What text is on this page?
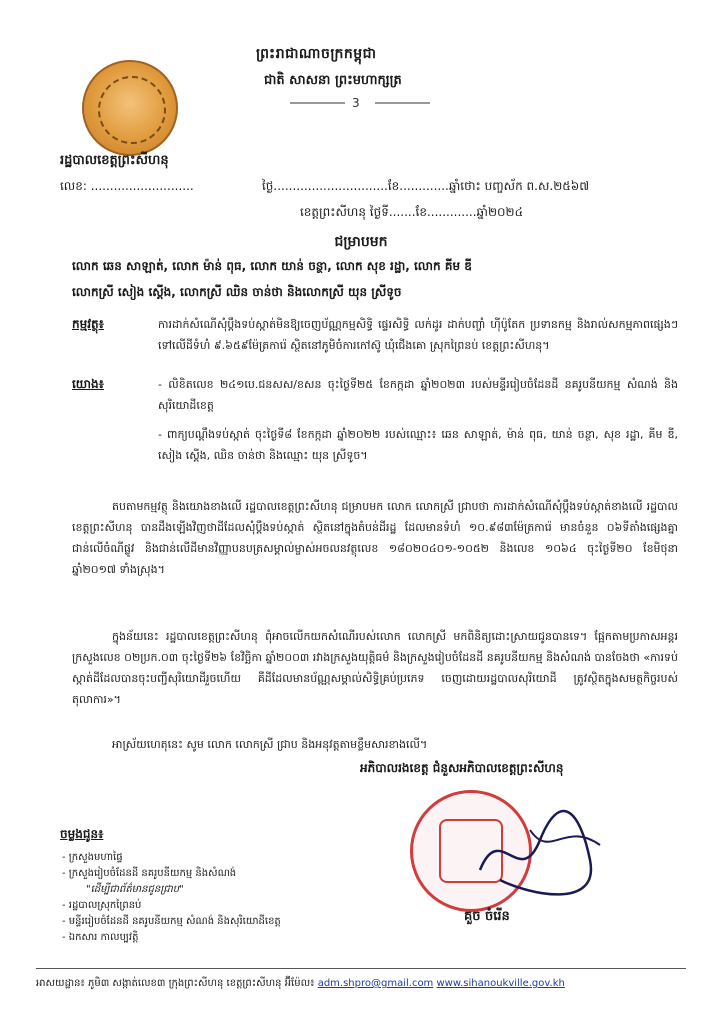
ព្រះរាជាណាចក្រកម្ពុជា
ជាតិ សាសនា ព្រះមហាក្សត្រ
3
រដ្ឋបាលខេត្តព្រះសីហនុ
លេខ: ...........................	ថ្ងៃ..............................ខែ.............ឆ្នាំថោះ បញ្ចស័ក ព.ស.២៥៦៧
ខេត្តព្រះសីហនុ ថ្ងៃទី.......ខែ.............ឆ្នាំ២០២៤
ជម្រាបមក
លោក ឆេន សាឡាត់, លោក ម៉ាន់ ពុធ, លោក យាន់ ចន្ថា, លោក សុខ រដ្ឋា, លោក គីម ឌី
លោកស្រី សៀង ស្ដើង, លោកស្រី ឈិន ចាន់ថា និងលោកស្រី យុន ស្រីទូច
កម្មវត្ថុ៖	ការដាក់សំណើសុំប្ដឹងទប់ស្កាត់មិនឱ្យចេញប័ណ្ណកម្មសិទ្ធិ ផ្ទេរសិទ្ធិ លក់ដូរ ដាក់បញ្ចាំ ហ៊ីប៉ូតែក ប្រទានកម្ម និងរាល់សកម្មភាពផ្សេងៗ ទៅលើដីទំហំ ៩.៦៥៩ម៉ែត្រការ៉េ ស្ថិតនៅភូមិចំការកៅស៊ូ ឃុំជើងគោ ស្រុកព្រៃនប់ ខេត្តព្រះសីហនុ។
យោង៖	- លិខិតលេខ ២៤១បេ.ជនសស/ខសន ចុះថ្ងៃទី២៥ ខែកក្កដា ឆ្នាំ២០២៣ របស់មន្ទីររៀបចំដែនដី នគរូបនីយកម្ម សំណង់ និងសុរិយោដីខេត្ត
- ពាក្យបណ្ដឹងទប់ស្កាត់ ចុះថ្ងៃទី៨ ខែកក្កដា ឆ្នាំ២០២២ របស់ឈ្មោះ៖ ឆេន សាឡាត់, ម៉ាន់ ពុធ, យាន់ ចន្ថា, សុខ រដ្ឋា, គីម ឌី, សៀង ស្ដើង, ឈិន ចាន់ថា និងឈ្មោះ យុន ស្រីទូច។
តបតាមកម្មវត្ថុ និងយោងខាងលើ រដ្ឋបាលខេត្តព្រះសីហនុ ជម្រាបមក លោក លោកស្រី ជ្រាបថា ការដាក់សំណើសុំប្ដឹងទប់ស្កាត់ខាងលើ រដ្ឋបាលខេត្តព្រះសីហនុ បានដឹងឡើងវិញថាដីដែលសុំប្ដឹងទប់ស្កាត់ ស្ថិតនៅក្នុងតំបន់ដីរដ្ឋ ដែលមានទំហំ ១០.៩៨៣ម៉ែត្រការ៉េ មានចំនួន ០៦ទីតាំងផ្សេងគ្នា ជាន់លើចំណីផ្លូវ និងជាន់លើដីមានវិញ្ញាបនបត្រសម្គាល់ម្ចាស់អចលនវត្ថុលេខ ១៨០២០៤០១-១០៥២ និងលេខ ១០៦៤ ចុះថ្ងៃទី២០ ខែមិថុនា ឆ្នាំ២០១៧ ទាំងស្រុង។
ក្នុងន័យនេះ រដ្ឋបាលខេត្តព្រះសីហនុ ពុំអាចលើកយកសំណើរបស់លោក លោកស្រី មកពិនិត្យដោះស្រាយជូនបានទេ។ ផ្អែកតាមប្រកាសអន្តរក្រសួងលេខ ០២ប្រក.០៣ ចុះថ្ងៃទី២៦ ខែវិច្ឆិកា ឆ្នាំ២០០៣ រវាងក្រសួងយុត្តិធម៌ និងក្រសួងរៀបចំដែនដី នគរូបនីយកម្ម និងសំណង់ បានចែងថា «ការទប់ស្កាត់ដីដែលបានចុះបញ្ជីសុរិយោដីរួចហើយ គឺដីដែលមានប័ណ្ណសម្គាល់សិទ្ធិគ្រប់ប្រភេទ ចេញដោយរដ្ឋបាលសុរិយោដី ត្រូវស្ថិតក្នុងសមត្ថកិច្ចរបស់តុលាការ»។
អាស្រ័យហេតុនេះ សូម លោក លោកស្រី ជ្រាប និងអនុវត្តតាមខ្លឹមសារខាងលើ។
អភិបាលរងខេត្ត ជំនួសអភិបាលខេត្តព្រះសីហនុ
គួច ចំរើន
ចម្លងជូន៖
- ក្រសួងមហាផ្ទៃ
- ក្រសួងរៀបចំដែនដី នគរូបនីយកម្ម និងសំណង់
"ដើម្បីជាព័ត៌មានជូនជ្រាប"
- រដ្ឋបាលស្រុកព្រៃនប់
- មន្ទីររៀបចំដែនដី នគរូបនីយកម្ម សំណង់ និងសុរិយោដីខេត្ត
- ឯកសារ កាលប្បវត្តិ
អាសយដ្ឋាន៖ ភូមិ៣ សង្កាត់លេខ៣ ក្រុងព្រះសីហនុ ខេត្តព្រះសីហនុ អ៊ីម៉ែល៖ adm.shpro@gmail.com www.sihanoukville.gov.kh
